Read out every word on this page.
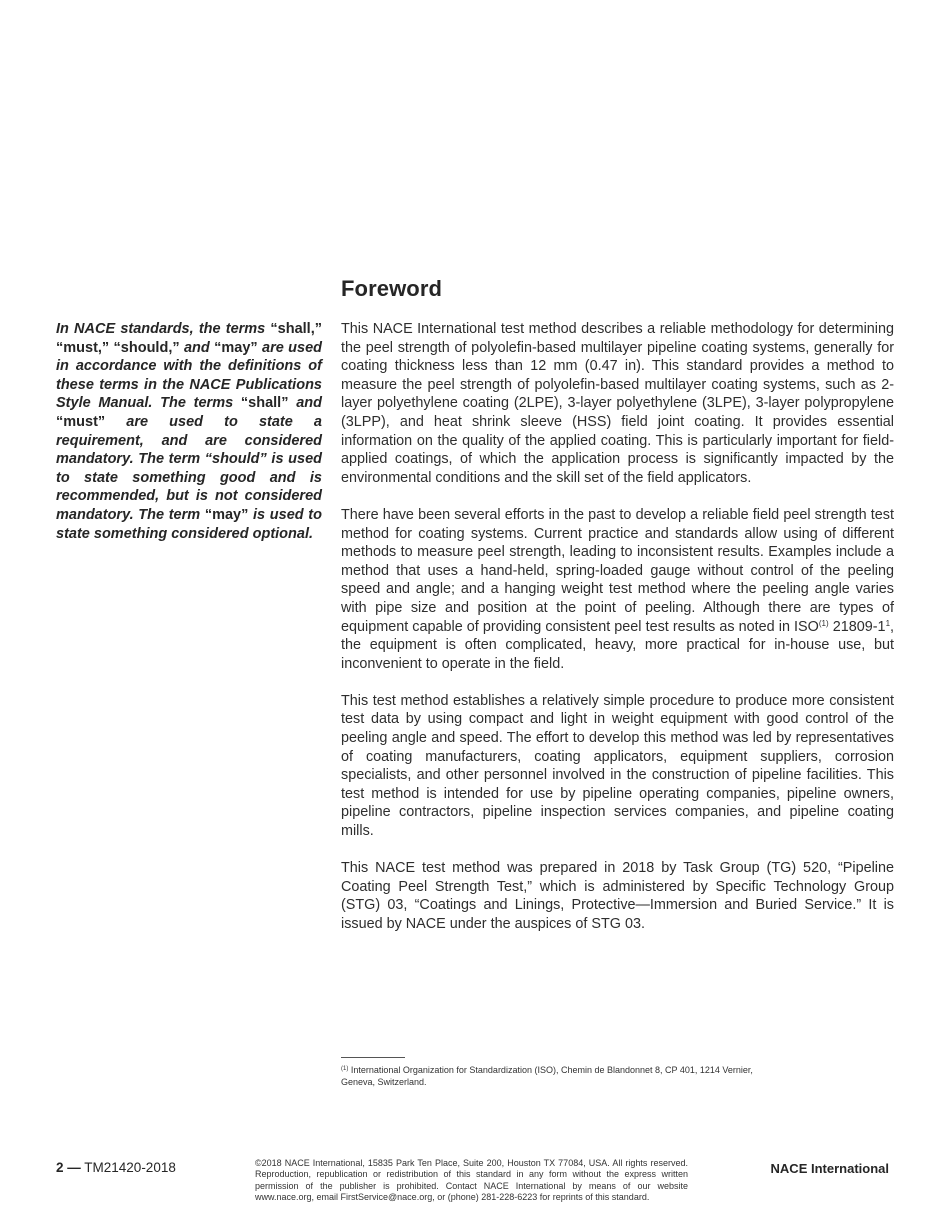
Foreword

In NACE standards, the terms “shall,” “must,” “should,” and “may” are used in accordance with the definitions of these terms in the NACE Publications Style Manual. The terms “shall” and “must” are used to state a requirement, and are considered mandatory. The term “should” is used to state something good and is recommended, but is not considered mandatory. The term “may” is used to state something considered optional.

This NACE International test method describes a reliable methodology for determining the peel strength of polyolefin-based multilayer pipeline coating systems, generally for coating thickness less than 12 mm (0.47 in). This standard provides a method to measure the peel strength of polyolefin-based multilayer coating systems, such as 2-layer polyethylene coating (2LPE), 3-layer polyethylene (3LPE), 3-layer polypropylene (3LPP), and heat shrink sleeve (HSS) field joint coating. It provides essential information on the quality of the applied coating. This is particularly important for field-applied coatings, of which the application process is significantly impacted by the environmental conditions and the skill set of the field applicators.

There have been several efforts in the past to develop a reliable field peel strength test method for coating systems. Current practice and standards allow using of different methods to measure peel strength, leading to inconsistent results. Examples include a method that uses a hand-held, spring-loaded gauge without control of the peeling speed and angle; and a hanging weight test method where the peeling angle varies with pipe size and position at the point of peeling. Although there are types of equipment capable of providing consistent peel test results as noted in ISO$^{(1)}$ $21809-1^1$, the equipment is often complicated, heavy, more practical for in-house use, but inconvenient to operate in the field.

This test method establishes a relatively simple procedure to produce more consistent test data by using compact and light in weight equipment with good control of the peeling angle and speed. The effort to develop this method was led by representatives of coating manufacturers, coating applicators, equipment suppliers, corrosion specialists, and other personnel involved in the construction of pipeline facilities. This test method is intended for use by pipeline operating companies, pipeline owners, pipeline contractors, pipeline inspection services companies, and pipeline coating mills.

This NACE test method was prepared in 2018 by Task Group (TG) 520, “Pipeline Coating Peel Strength Test,” which is administered by Specific Technology Group (STG) 03, “Coatings and Linings, Protective—Immersion and Buried Service.” It is issued by NACE under the auspices of STG 03.

$^{(1)}$ International Organization for Standardization (ISO), Chemin de Blandonnet 8, CP 401, 1214 Vernier, Geneva, Switzerland.

2 — TM21420-2018	©2018 NACE International, 15835 Park Ten Place, Suite 200, Houston TX 77084, USA. All rights reserved. Reproduction, republication or redistribution of this standard in any form without the express written permission of the publisher is prohibited. Contact NACE International by means of our website www.nace.org, email FirstService@nace.org, or (phone) 281-228-6223 for reprints of this standard.

NACE International
